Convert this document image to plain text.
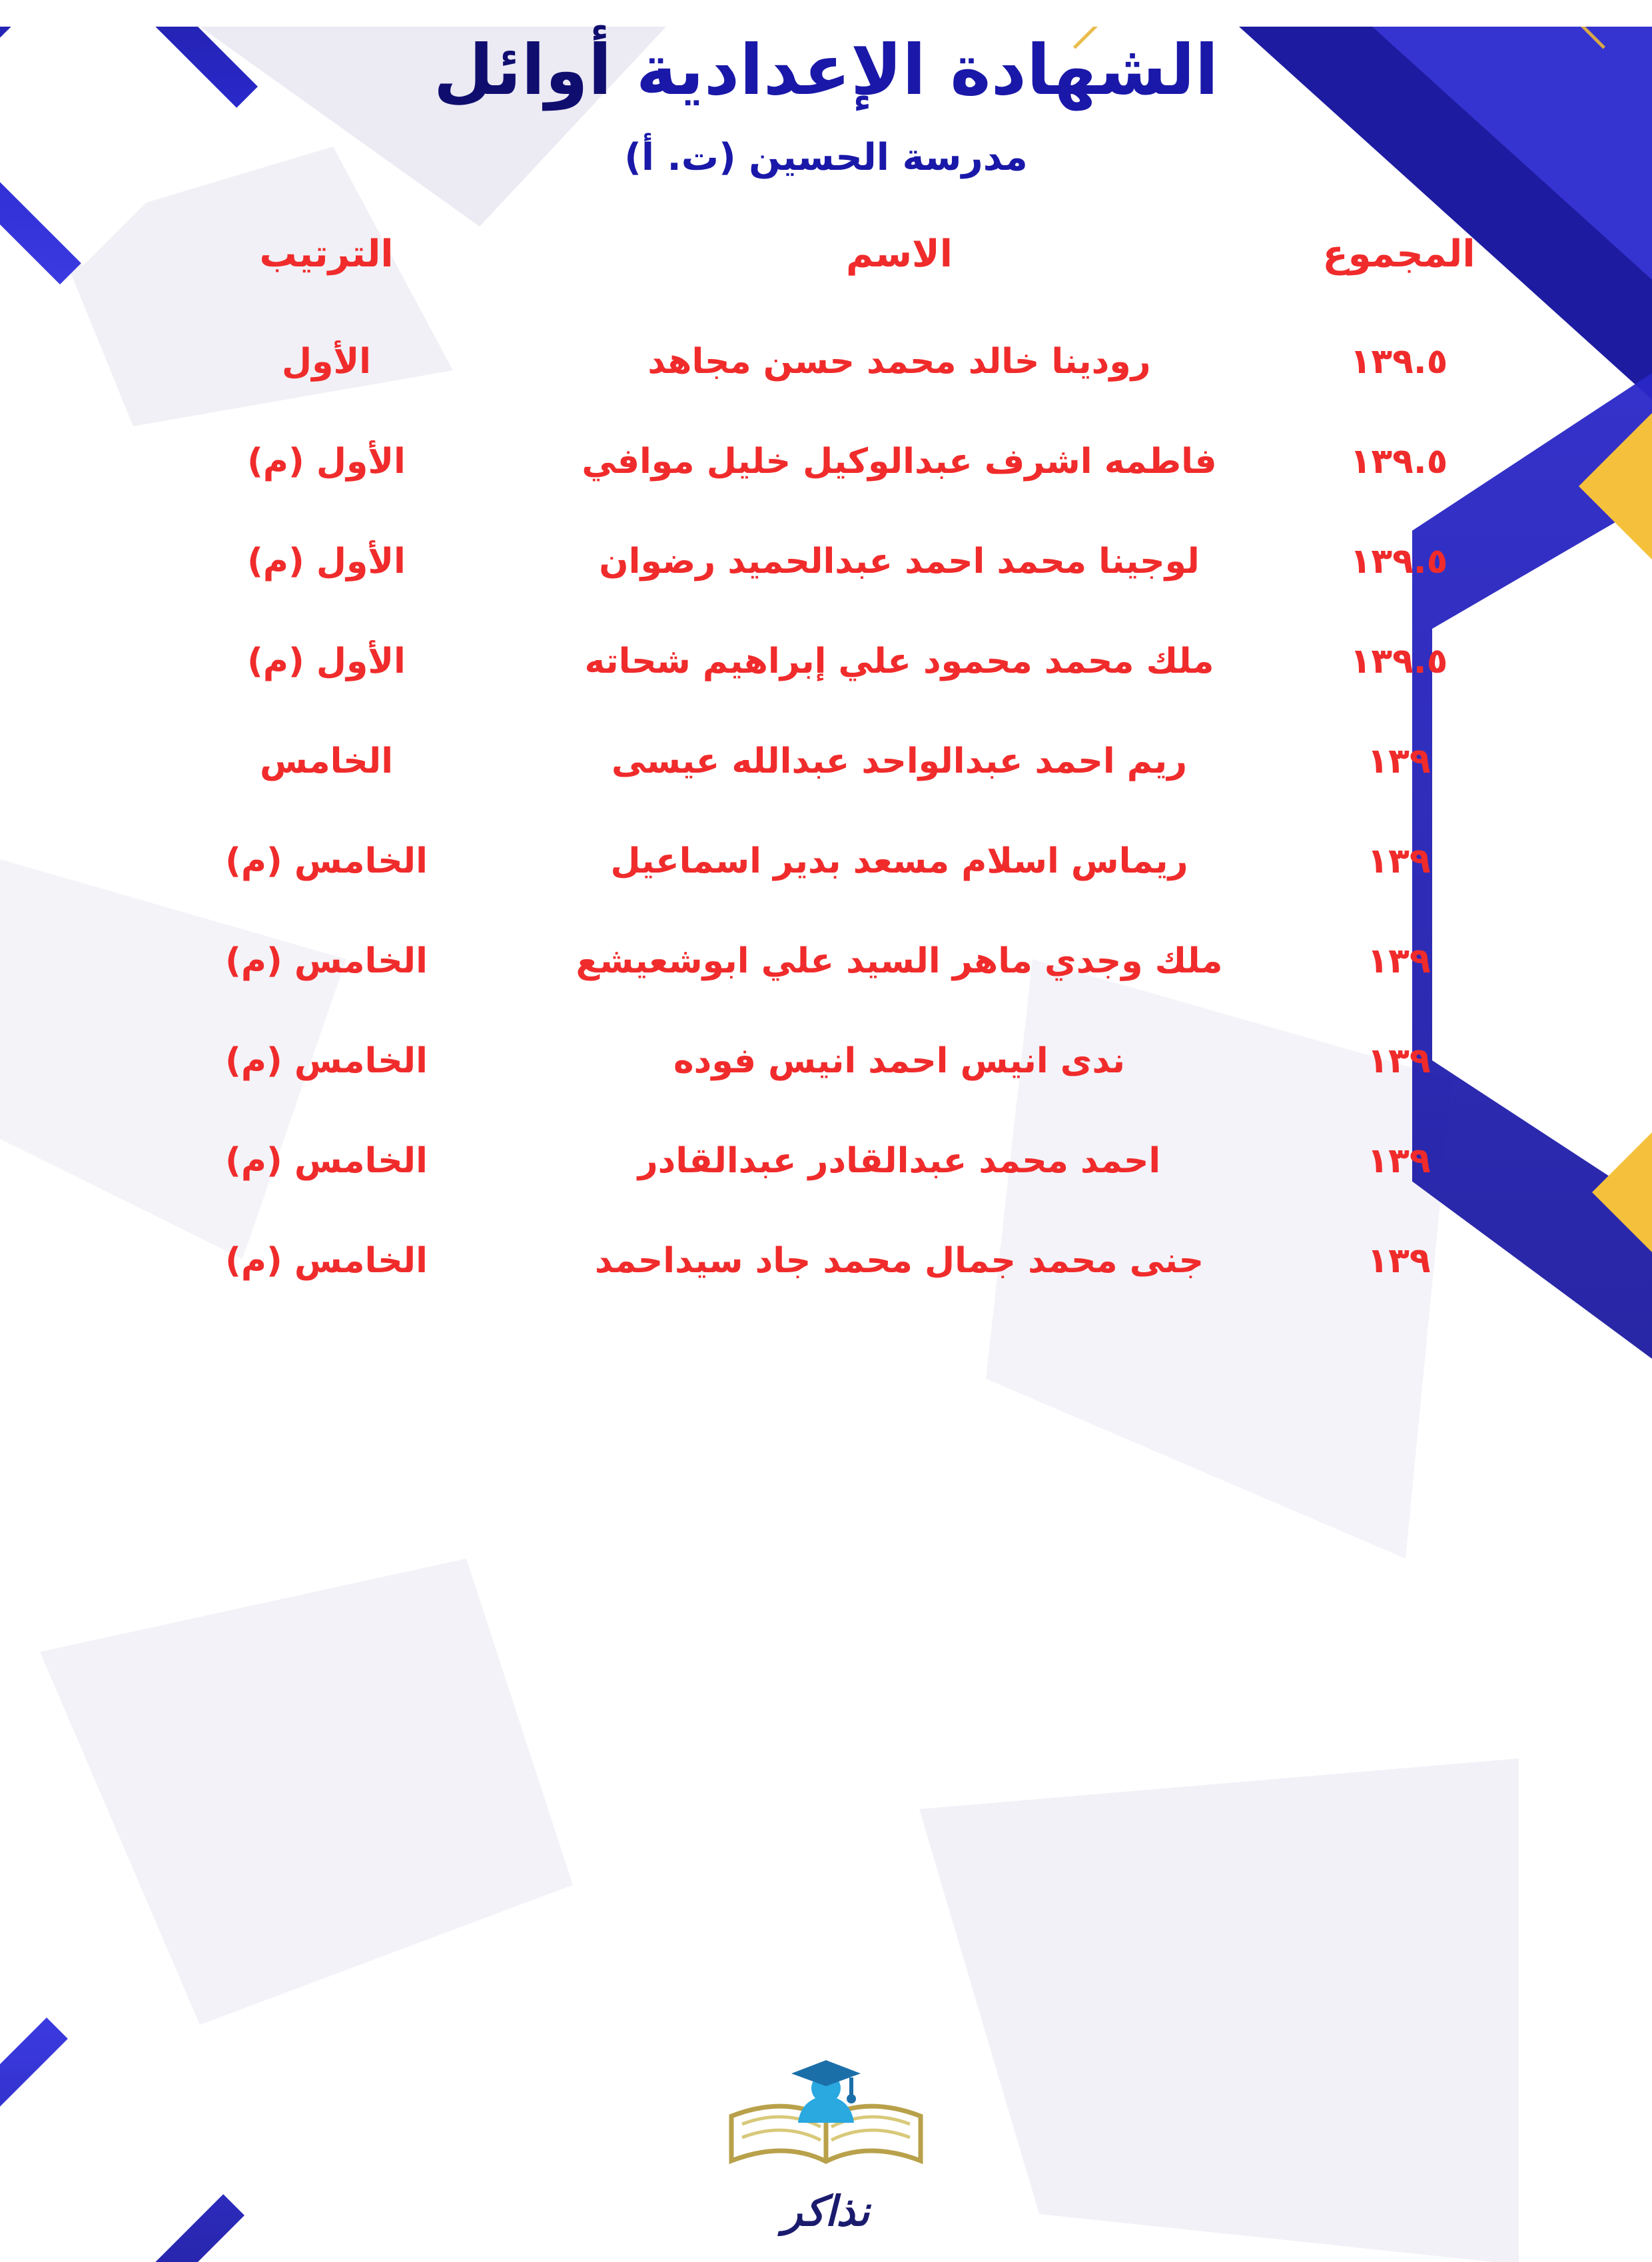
الشهادة الإعدادية أوائل
مدرسة الحسين (ت. أ)
المجموع	الاسم	الترتيب
١٣٩.٥	رودينا خالد محمد حسن مجاهد	الأول
١٣٩.٥	فاطمه اشرف عبدالوكيل خليل موافي	الأول (م)
١٣٩.٥	لوجينا محمد احمد عبدالحميد رضوان	الأول (م)
١٣٩.٥	ملك محمد محمود علي إبراهيم شحاته	الأول (م)
١٣٩	ريم احمد عبدالواحد عبدالله عيسى	الخامس
١٣٩	ريماس اسلام مسعد بدير اسماعيل	الخامس (م)
١٣٩	ملك وجدي ماهر السيد علي ابوشعيشع	الخامس (م)
١٣٩	ندى انيس احمد انيس فوده	الخامس (م)
١٣٩	احمد محمد عبدالقادر عبدالقادر	الخامس (م)
١٣٩	جنى محمد جمال محمد جاد سيداحمد	الخامس (م)
نذاكر
